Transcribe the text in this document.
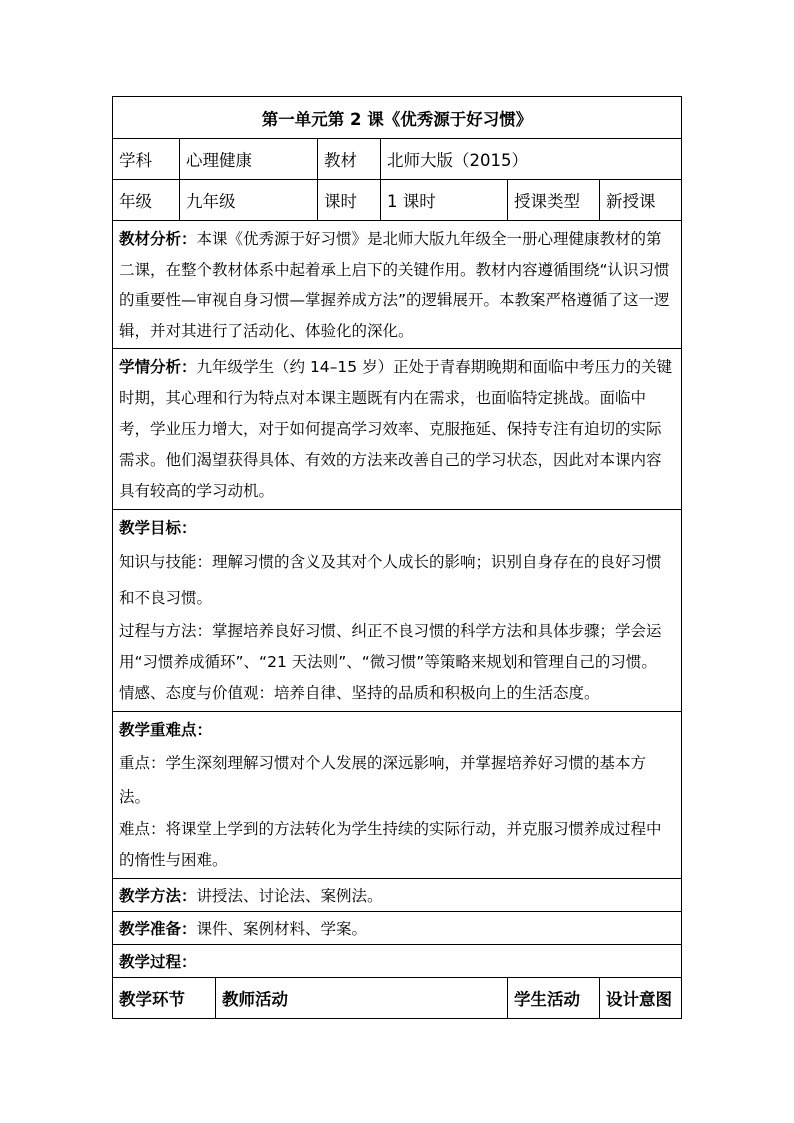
第一单元第 2 课《优秀源于好习惯》						
学科	心理健康		教材	北师大版（2015）		
年级	九年级		课时	1 课时	授课类型	新授课
教材分析：本课《优秀源于好习惯》是北师大版九年级全一册心理健康教材的第二课，在整个教材体系中起着承上启下的关键作用。教材内容遵循围绕“认识习惯的重要性—审视自身习惯—掌握养成方法”的逻辑展开。本教案严格遵循了这一逻辑，并对其进行了活动化、体验化的深化。						
学情分析：九年级学生（约 14–15 岁）正处于青春期晚期和面临中考压力的关键时期，其心理和行为特点对本课主题既有内在需求，也面临特定挑战。面临中考，学业压力增大，对于如何提高学习效率、克服拖延、保持专注有迫切的实际需求。他们渴望获得具体、有效的方法来改善自己的学习状态，因此对本课内容具有较高的学习动机。						

教学目标：
知识与技能：理解习惯的含义及其对个人成长的影响；识别自身存在的良好习惯和不良习惯。
过程与方法：掌握培养良好习惯、纠正不良习惯的科学方法和具体步骤；学会运用“习惯养成循环”、“21 天法则”、“微习惯”等策略来规划和管理自己的习惯。
情感、态度与价值观：培养自律、坚持的品质和积极向上的生活态度。						

教学重难点：
重点：学生深刻理解习惯对个人发展的深远影响，并掌握培养好习惯的基本方法。
难点：将课堂上学到的方法转化为学生持续的实际行动，并克服习惯养成过程中的惰性与困难。						

教学方法：讲授法、讨论法、案例法。						
教学准备：课件、案例材料、学案。						
教学过程：						
教学环节		教师活动			学生活动	设计意图
